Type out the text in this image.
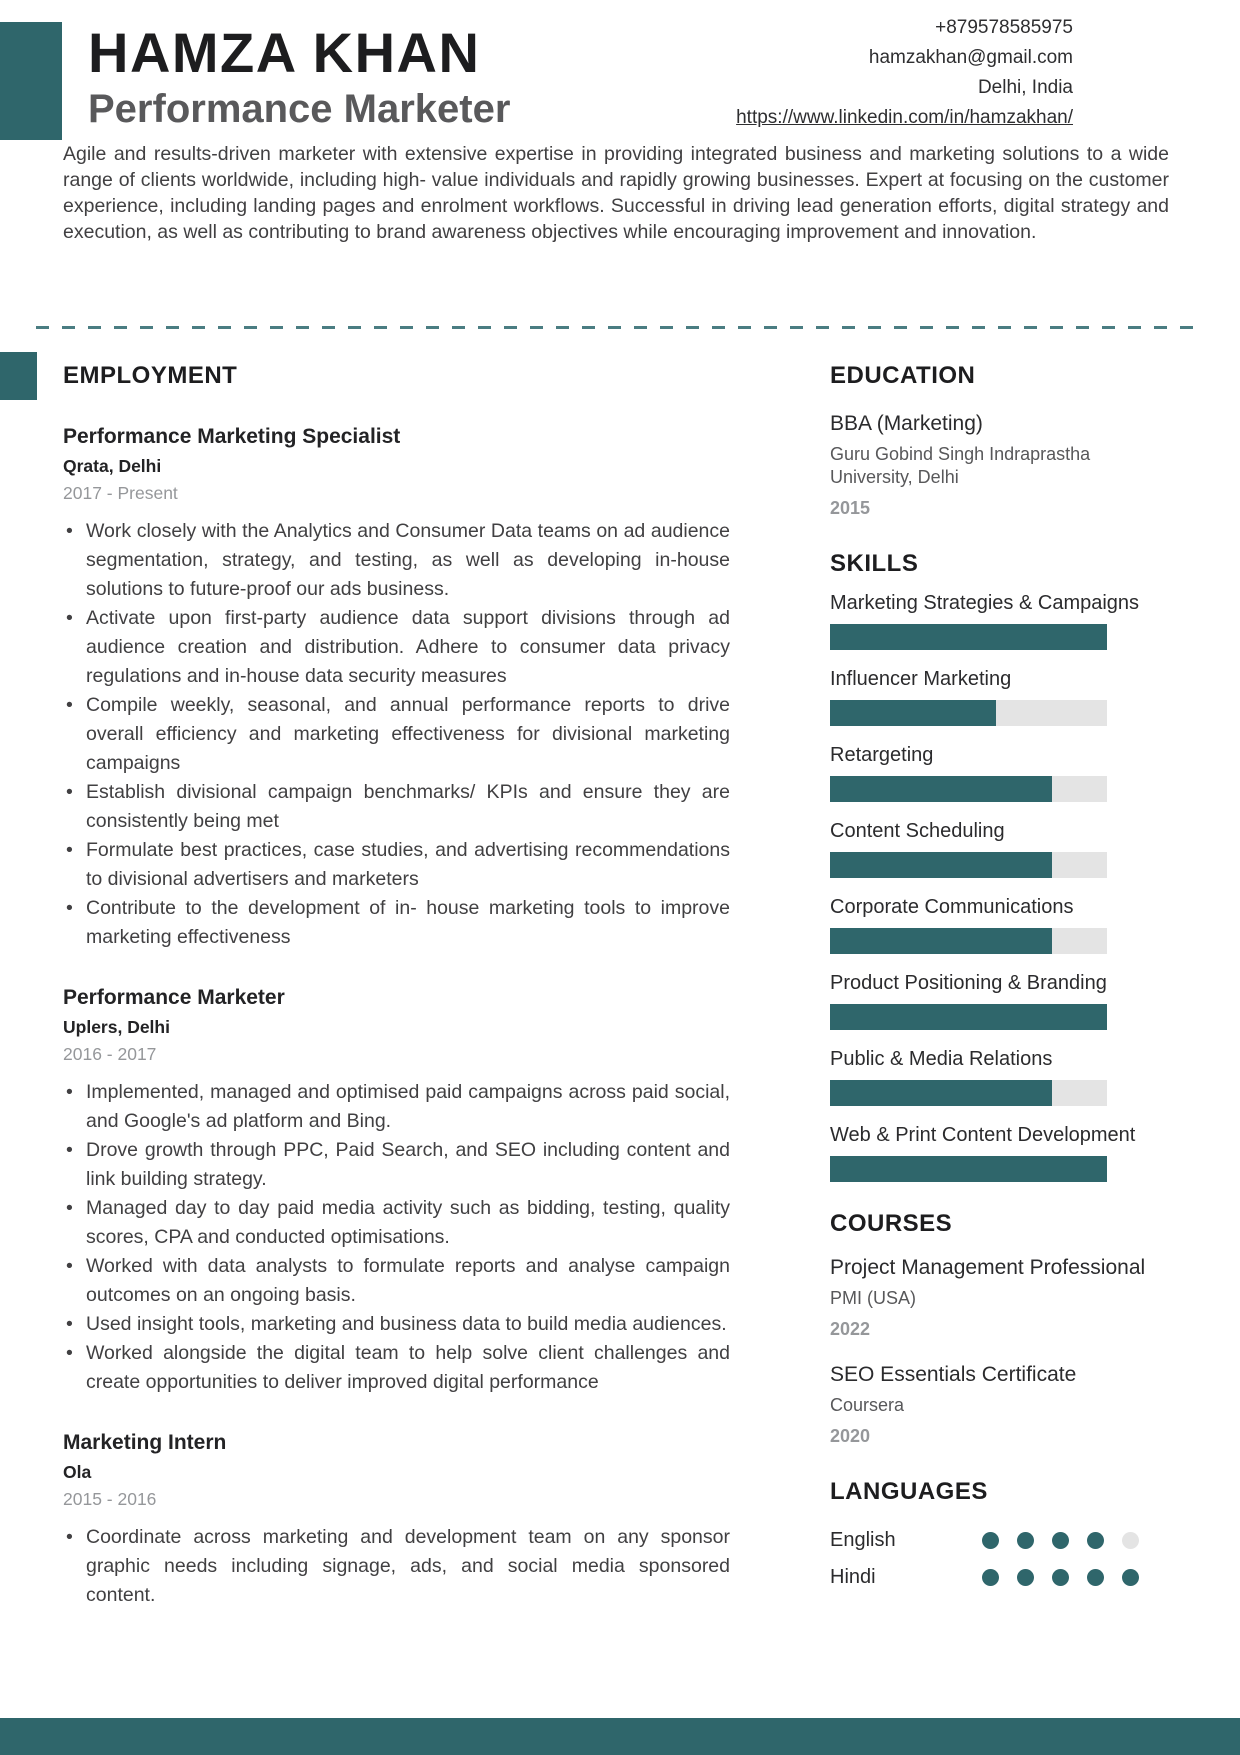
HAMZA KHAN
Performance Marketer
+879578585975
hamzakhan@gmail.com
Delhi, India
https://www.linkedin.com/in/hamzakhan/
Agile and results-driven marketer with extensive expertise in providing integrated business and marketing solutions to a wide range of clients worldwide, including high- value individuals and rapidly growing businesses. Expert at focusing on the customer experience, including landing pages and enrolment workflows. Successful in driving lead generation efforts, digital strategy and execution, as well as contributing to brand awareness objectives while encouraging improvement and innovation.
EMPLOYMENT
Performance Marketing Specialist
Qrata, Delhi
2017 - Present
• Work closely with the Analytics and Consumer Data teams on ad audience segmentation, strategy, and testing, as well as developing in-house solutions to future-proof our ads business.
• Activate upon first-party audience data support divisions through ad audience creation and distribution. Adhere to consumer data privacy regulations and in-house data security measures
• Compile weekly, seasonal, and annual performance reports to drive overall efficiency and marketing effectiveness for divisional marketing campaigns
• Establish divisional campaign benchmarks/ KPIs and ensure they are consistently being met
• Formulate best practices, case studies, and advertising recommendations to divisional advertisers and marketers
• Contribute to the development of in- house marketing tools to improve marketing effectiveness
Performance Marketer
Uplers, Delhi
2016 - 2017
• Implemented, managed and optimised paid campaigns across paid social, and Google's ad platform and Bing.
• Drove growth through PPC, Paid Search, and SEO including content and link building strategy.
• Managed day to day paid media activity such as bidding, testing, quality scores, CPA and conducted optimisations.
• Worked with data analysts to formulate reports and analyse campaign outcomes on an ongoing basis.
• Used insight tools, marketing and business data to build media audiences.
• Worked alongside the digital team to help solve client challenges and create opportunities to deliver improved digital performance
Marketing Intern
Ola
2015 - 2016
• Coordinate across marketing and development team on any sponsor graphic needs including signage, ads, and social media sponsored content.
EDUCATION
BBA (Marketing)
Guru Gobind Singh Indraprastha University, Delhi
2015
SKILLS
Marketing Strategies & Campaigns
Influencer Marketing
Retargeting
Content Scheduling
Corporate Communications
Product Positioning & Branding
Public & Media Relations
Web & Print Content Development
COURSES
Project Management Professional
PMI (USA)
2022
SEO Essentials Certificate
Coursera
2020
LANGUAGES
English
Hindi
